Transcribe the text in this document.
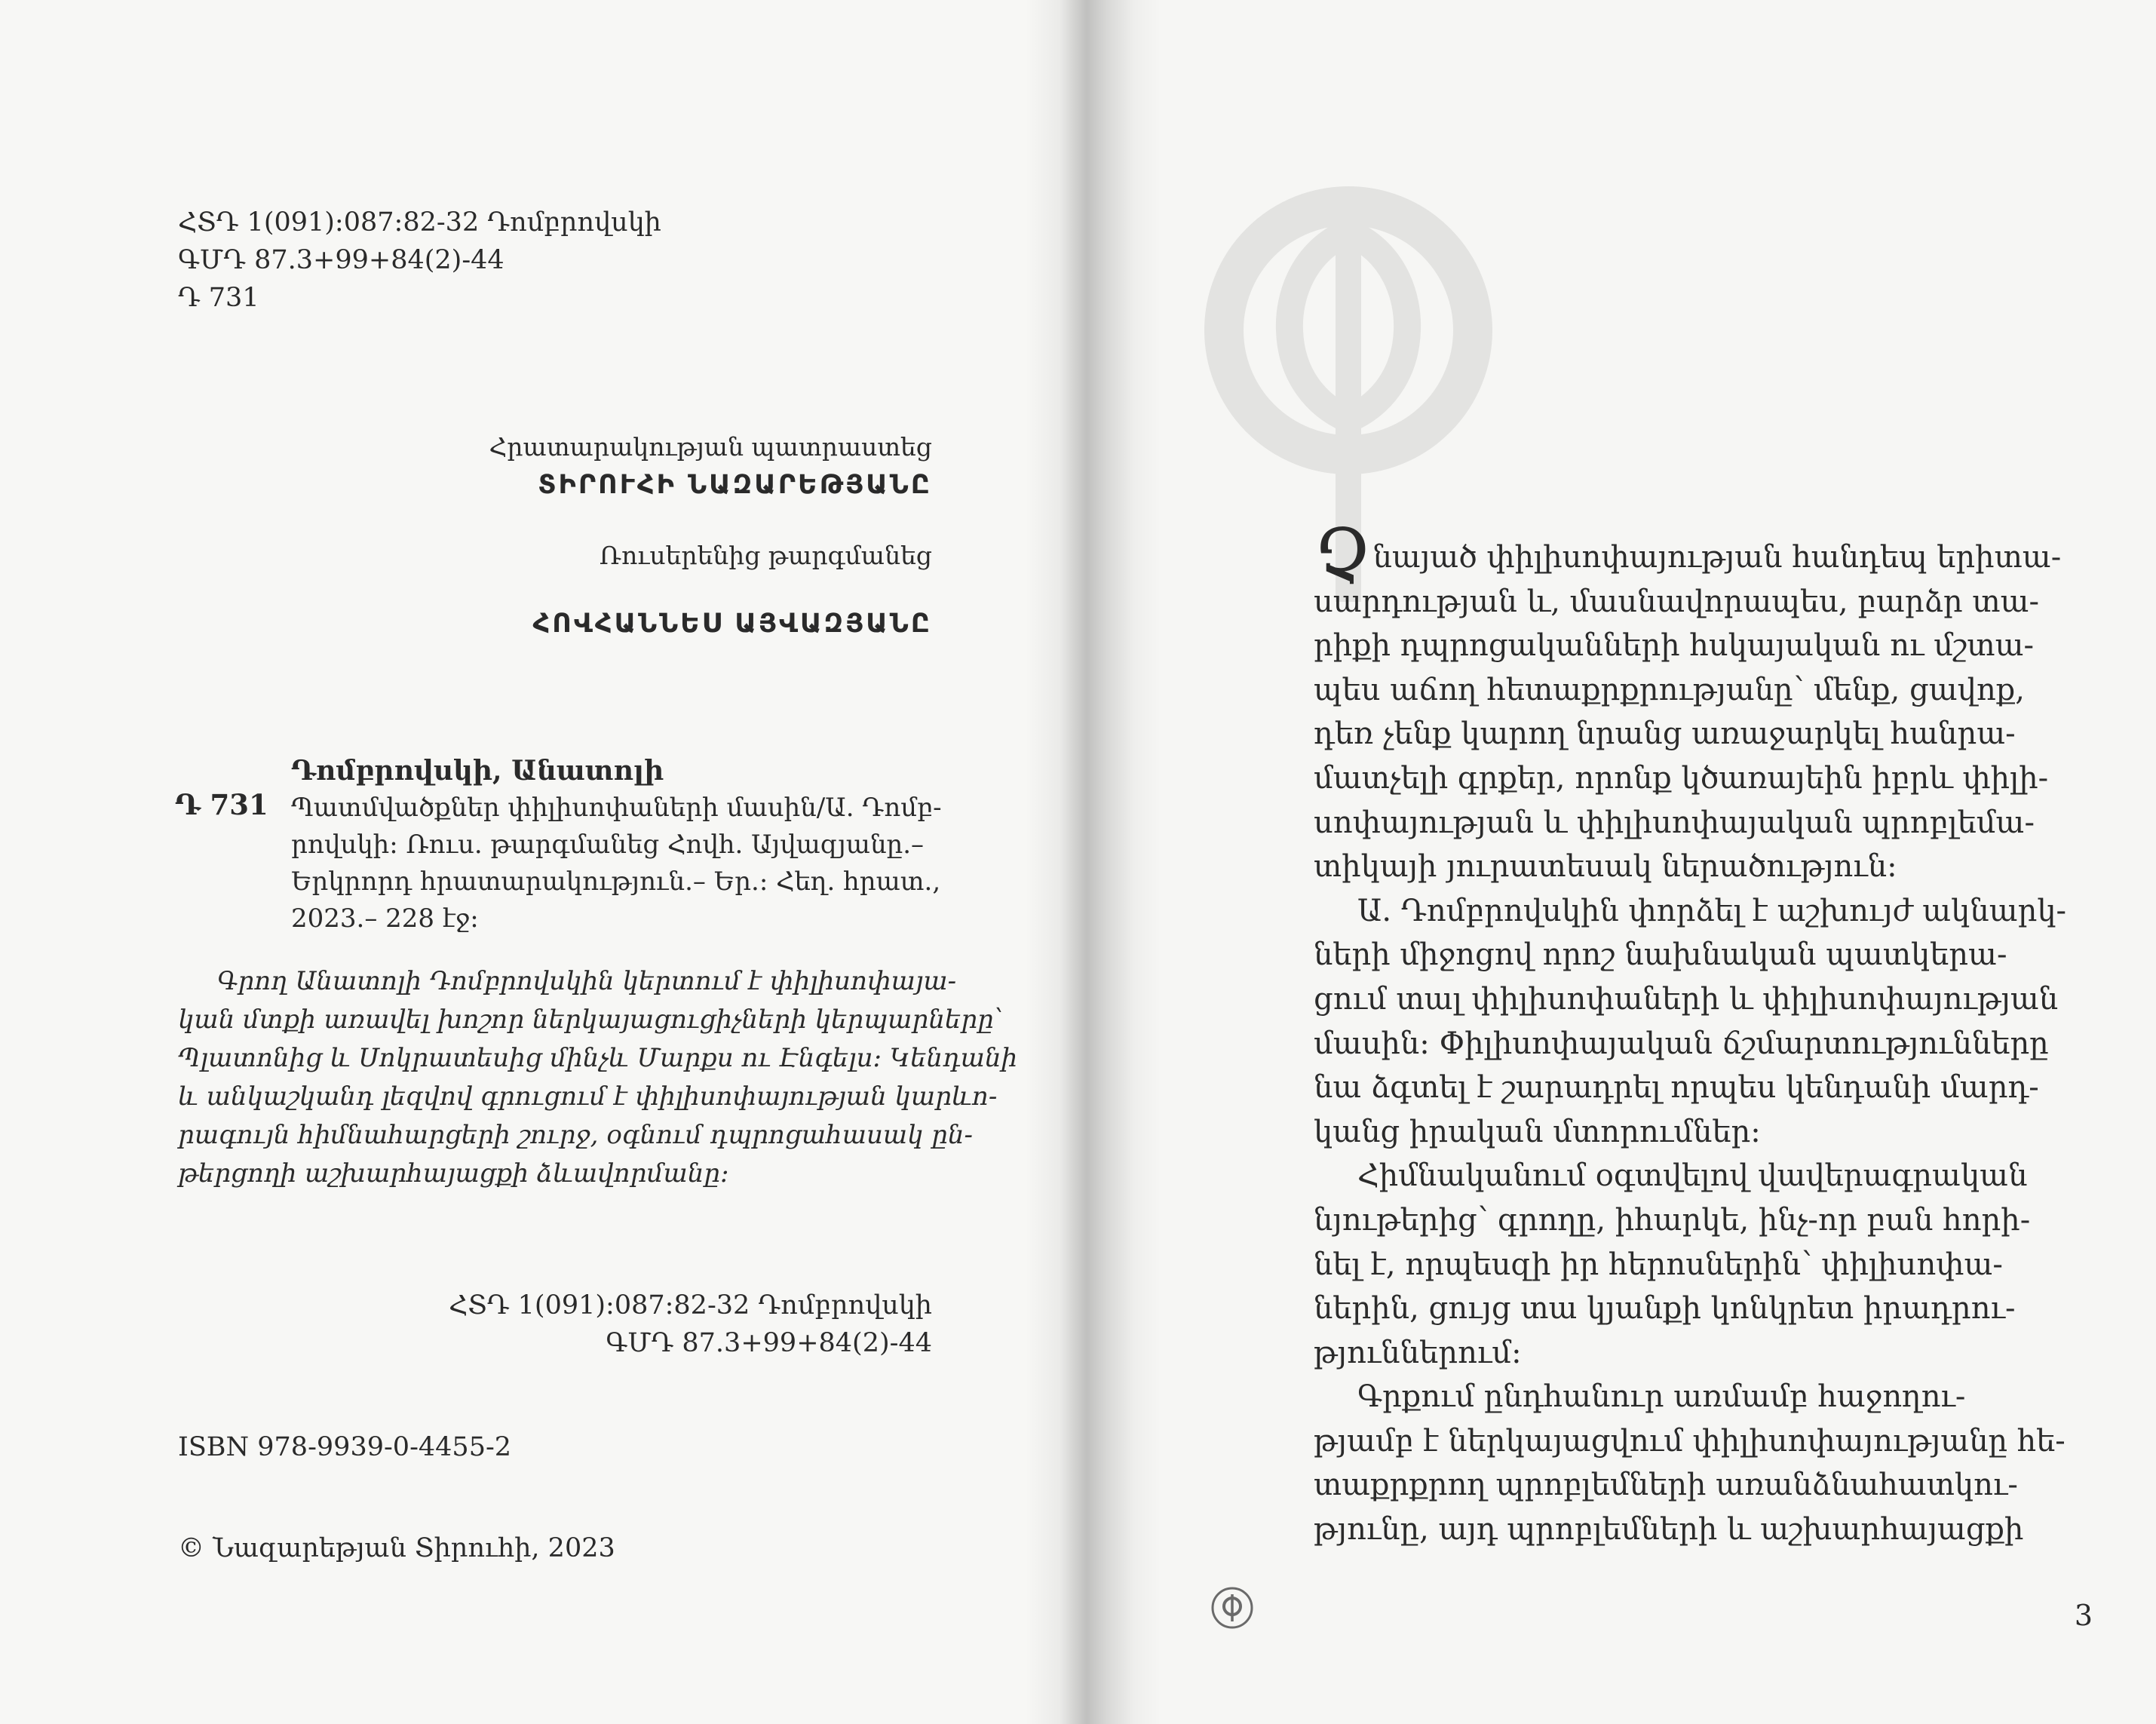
ՀՏԴ 1(091):087:82-32 Դոմբրովսկի
ԳՄԴ 87.3+99+84(2)-44
Դ 731
Հրատարակության պատրաստեց
ՏԻՐՈՒՀԻ ՆԱԶԱՐԵԹՅԱՆԸ
Ռուսերենից թարգմանեց
ՀՈՎՀԱՆՆԵՍ ԱՅՎԱԶՅԱՆԸ
Դ 731
Դոմբրովսկի, Անատոլի
Պատմվածքներ փիլիսոփաների մասին/Ա. Դոմբ-
րովսկի: Ռուս. թարգմանեց Հովհ. Այվազյանը.–
Երկրորդ հրատարակություն.– Եր.: Հեղ. հրատ.,
2023.– 228 էջ:
Գրող Անատոլի Դոմբրովսկին կերտում է փիլիսոփայա-
կան մտքի առավել խոշոր ներկայացուցիչների կերպարները՝
Պլատոնից և Սոկրատեսից մինչև Մարքս ու Էնգելս: Կենդանի
և անկաշկանդ լեզվով գրուցում է փիլիսոփայության կարևո-
րագույն հիմնահարցերի շուրջ, օգնում դպրոցահասակ ըն-
թերցողի աշխարհայացքի ձևավորմանը:
ՀՏԴ 1(091):087:82-32 Դոմբրովսկի
ԳՄԴ 87.3+99+84(2)-44
ISBN 978-9939-0-4455-2
© Նազարեթյան Տիրուհի, 2023
Չնայած փիլիսոփայության հանդեպ երիտա-
սարդության և, մասնավորապես, բարձր տա-
րիքի դպրոցականների հսկայական ու մշտա-
պես աճող հետաքրքրությանը՝ մենք, ցավոք,
դեռ չենք կարող նրանց առաջարկել հանրա-
մատչելի գրքեր, որոնք կծառայեին իբրև փիլի-
սոփայության և փիլիսոփայական պրոբլեմա-
տիկայի յուրատեսակ ներածություն:
Ա. Դոմբրովսկին փորձել է աշխույժ ակնարկ-
ների միջոցով որոշ նախնական պատկերա-
ցում տալ փիլիսոփաների և փիլիսոփայության
մասին: Փիլիսոփայական ճշմարտությունները
նա ձգտել է շարադրել որպես կենդանի մարդ-
կանց իրական մտորումներ:
Հիմնականում օգտվելով վավերագրական
նյութերից՝ գրողը, իհարկե, ինչ-որ բան հորի-
նել է, որպեսզի իր հերոսներին՝ փիլիսոփա-
ներին, ցույց տա կյանքի կոնկրետ իրադրու-
թյուններում:
Գրքում ընդհանուր առմամբ հաջողու-
թյամբ է ներկայացվում փիլիսոփայությանը հե-
տաքրքրող պրոբլեմների առանձնահատկու-
թյունը, այդ պրոբլեմների և աշխարհայացքի
3
